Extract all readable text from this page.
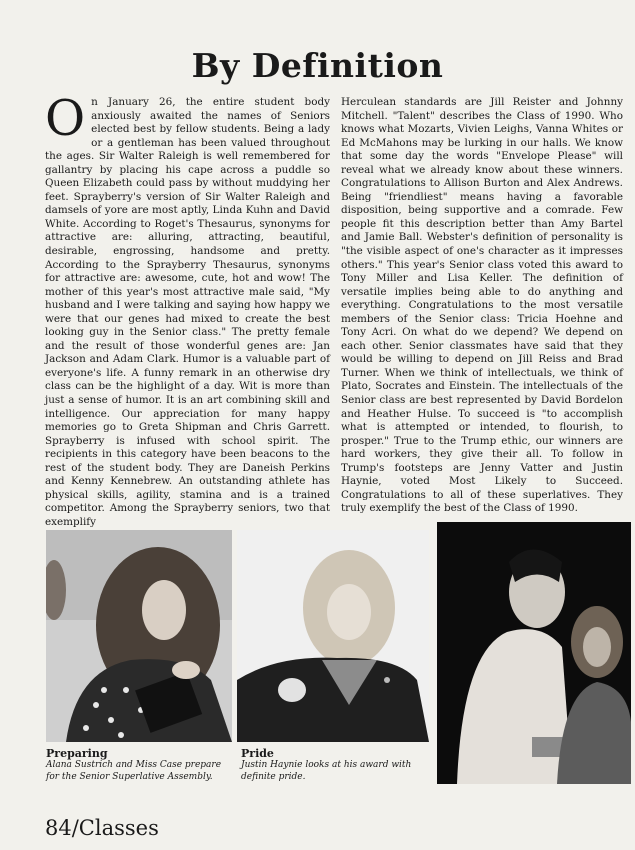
By Definition

On January 26, the entire student body anxiously awaited the names of Seniors elected best by fellow students. Being a lady or a gentleman has been valued throughout the ages. Sir Walter Raleigh is well remembered for gallantry by placing his cape across a puddle so Queen Elizabeth could pass by without muddying her feet. Sprayberry's version of Sir Walter Raleigh and damsels of yore are most aptly, Linda Kuhn and David White. According to Roget's Thesaurus, synonyms for attractive are: alluring, attracting, beautiful, desirable, engrossing, handsome and pretty. According to the Sprayberry Thesaurus, synonyms for attractive are: awesome, cute, hot and wow! The mother of this year's most attractive male said, "My husband and I were talking and saying how happy we were that our genes had mixed to create the best looking guy in the Senior class." The pretty female and the result of those wonderful genes are: Jan Jackson and Adam Clark. Humor is a valuable part of everyone's life. A funny remark in an otherwise dry class can be the highlight of a day. Wit is more than just a sense of humor. It is an art combining skill and intelligence. Our appreciation for many happy memories go to Greta Shipman and Chris Garrett. Sprayberry is infused with school spirit. The recipients in this category have been beacons to the rest of the student body. They are Daneish Perkins and Kenny Kennebrew. An outstanding athlete has physical skills, agility, stamina and is a trained competitor. Among the Sprayberry seniors, two that exemplify

Herculean standards are Jill Reister and Johnny Mitchell. "Talent" describes the Class of 1990. Who knows what Mozarts, Vivien Leighs, Vanna Whites or Ed McMahons may be lurking in our halls. We know that some day the words "Envelope Please" will reveal what we already know about these winners. Congratulations to Allison Burton and Alex Andrews. Being "friendliest" means having a favorable disposition, being supportive and a comrade. Few people fit this description better than Amy Bartel and Jamie Ball. Webster's definition of personality is "the visible aspect of one's character as it impresses others." This year's Senior class voted this award to Tony Miller and Lisa Keller. The definition of versatile implies being able to do anything and everything. Congratulations to the most versatile members of the Senior class: Tricia Hoehne and Tony Acri. On what do we depend? We depend on each other. Senior classmates have said that they would be willing to depend on Jill Reiss and Brad Turner. When we think of intellectuals, we think of Plato, Socrates and Einstein. The intellectuals of the Senior class are best represented by David Bordelon and Heather Hulse. To succeed is "to accomplish what is attempted or intended, to flourish, to prosper." True to the Trump ethic, our winners are hard workers, they give their all. To follow in Trump's footsteps are Jenny Vatter and Justin Haynie, voted Most Likely to Succeed. Congratulations to all of these superlatives. They truly exemplify the best of the Class of 1990.

Preparing
Alana Sustrich and Miss Case prepare for the Senior Superlative Assembly.
Pride
Justin Haynie looks at his award with definite pride.
84/Classes
